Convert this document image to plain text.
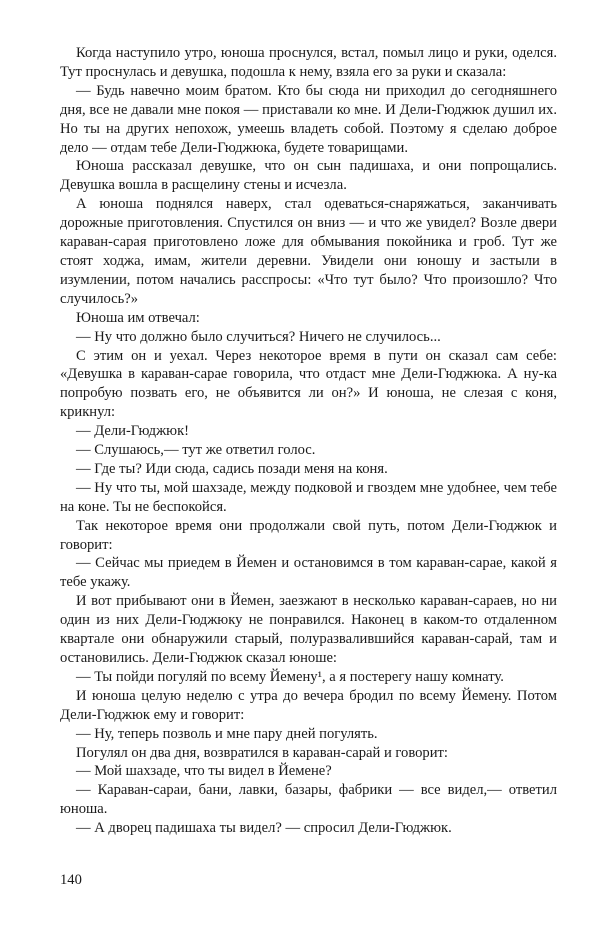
Когда наступило утро, юноша проснулся, встал, помыл лицо и руки, оделся. Тут проснулась и девушка, подошла к нему, взяла его за руки и сказала:

— Будь навечно моим братом. Кто бы сюда ни приходил до сегодняшнего дня, все не давали мне покоя — приставали ко мне. И Дели-Гюджюк душил их. Но ты на других непохож, умеешь владеть собой. Поэтому я сделаю доброе дело — отдам тебе Дели-Гюджюка, будете товарищами.

Юноша рассказал девушке, что он сын падишаха, и они попрощались. Девушка вошла в расщелину стены и исчезла.

А юноша поднялся наверх, стал одеваться-снаряжаться, заканчивать дорожные приготовления. Спустился он вниз — и что же увидел? Возле двери караван-сарая приготовлено ложе для обмывания покойника и гроб. Тут же стоят ходжа, имам, жители деревни. Увидели они юношу и застыли в изумлении, потом начались расспросы: «Что тут было? Что произошло? Что случилось?»

Юноша им отвечал:

— Ну что должно было случиться? Ничего не случилось...

С этим он и уехал. Через некоторое время в пути он сказал сам себе: «Девушка в караван-сарае говорила, что отдаст мне Дели-Гюджюка. А ну-ка попробую позвать его, не объявится ли он?» И юноша, не слезая с коня, крикнул:

— Дели-Гюджюк!

— Слушаюсь,— тут же ответил голос.

— Где ты? Иди сюда, садись позади меня на коня.

— Ну что ты, мой шахзаде, между подковой и гвоздем мне удобнее, чем тебе на коне. Ты не беспокойся.

Так некоторое время они продолжали свой путь, потом Дели-Гюджюк и говорит:

— Сейчас мы приедем в Йемен и остановимся в том караван-сарае, какой я тебе укажу.

И вот прибывают они в Йемен, заезжают в несколько караван-сараев, но ни один из них Дели-Гюджюку не понравился. Наконец в каком-то отдаленном квартале они обнаружили старый, полуразвалившийся караван-сарай, там и остановились. Дели-Гюджюк сказал юноше:

— Ты пойди погуляй по всему Йемену¹, а я постерегу нашу комнату.

И юноша целую неделю с утра до вечера бродил по всему Йемену. Потом Дели-Гюджюк ему и говорит:

— Ну, теперь позволь и мне пару дней погулять.

Погулял он два дня, возвратился в караван-сарай и говорит:

— Мой шахзаде, что ты видел в Йемене?

— Караван-сараи, бани, лавки, базары, фабрики — все видел,— ответил юноша.

— А дворец падишаха ты видел? — спросил Дели-Гюджюк.

140
